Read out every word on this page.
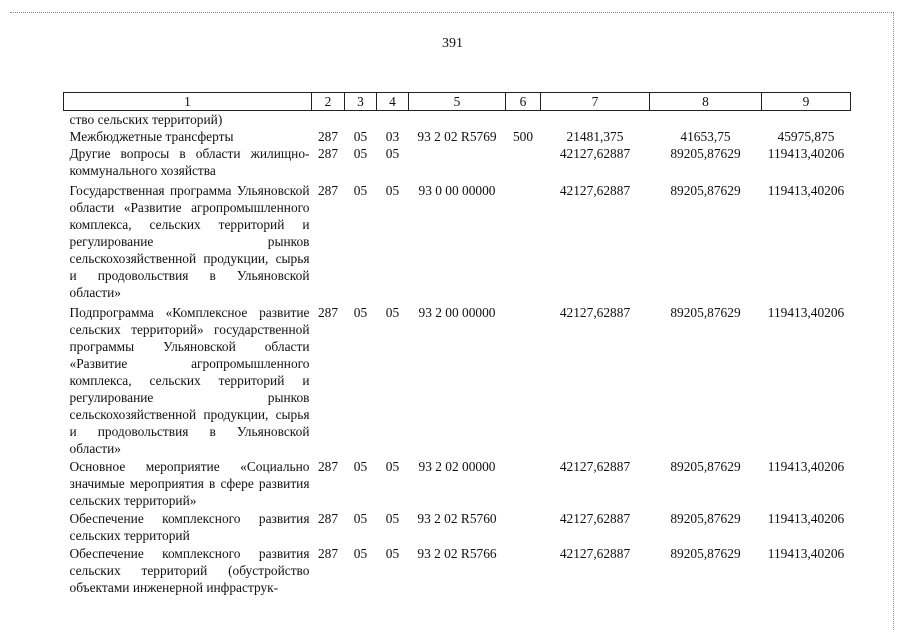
391
1	2	3	4	5	6	7	8	9
ство сельских территорий)								
Межбюджетные трансферты	287	05	03	93 2 02 R5769	500	21481,375	41653,75	45975,875
Другие вопросы в области жилищно-коммунального хозяйства	287	05	05			42127,62887	89205,87629	119413,40206
Государственная программа Ульяновской области «Развитие агропромышленного комплекса, сельских территорий и регулирование рынков сельскохозяйственной продукции, сырья и продовольствия в Ульяновской области»	287	05	05	93 0 00 00000		42127,62887	89205,87629	119413,40206
Подпрограмма «Комплексное развитие сельских территорий» государственной программы Ульяновской области «Развитие агропромышленного комплекса, сельских территорий и регулирование рынков сельскохозяйственной продукции, сырья и продовольствия в Ульяновской области»	287	05	05	93 2 00 00000		42127,62887	89205,87629	119413,40206
Основное мероприятие «Социально значимые мероприятия в сфере развития сельских территорий»	287	05	05	93 2 02 00000		42127,62887	89205,87629	119413,40206
Обеспечение комплексного развития сельских территорий	287	05	05	93 2 02 R5760		42127,62887	89205,87629	119413,40206
Обеспечение комплексного развития сельских территорий (обустройство объектами инженерной инфраструк-	287	05	05	93 2 02 R5766		42127,62887	89205,87629	119413,40206
